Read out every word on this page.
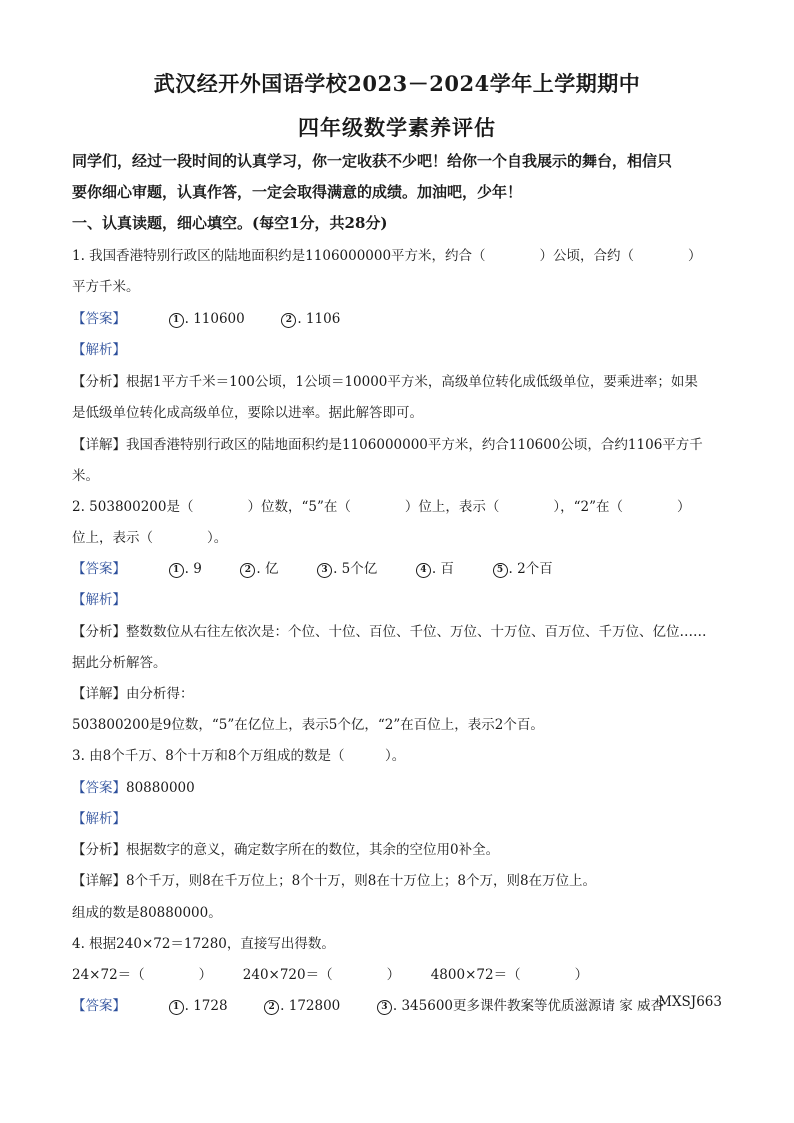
武汉经开外国语学校2023－2024学年上学期期中
四年级数学素养评估
同学们，经过一段时间的认真学习，你一定收获不少吧！给你一个自我展示的舞台，相信只
要你细心审题，认真作答，一定会取得满意的成绩。加油吧，少年！
一、认真读题，细心填空。(每空1分，共28分)
1. 我国香港特别行政区的陆地面积约是1106000000平方米，约合（　　　　）公顷，合约（　　　　）
平方千米。
【答案】	1 . 110600	2 . 1106
【解析】
【分析】根据1平方千米＝100公顷，1公顷＝10000平方米，高级单位转化成低级单位，要乘进率；如果
是低级单位转化成高级单位，要除以进率。据此解答即可。
【详解】我国香港特别行政区的陆地面积约是1106000000平方米，约合110600公顷，合约1106平方千
米。
2. 503800200是（　　　　）位数，“5”在（　　　　）位上，表示（　　　　），“2”在（　　　　）
位上，表示（　　　　）。
【答案】	1 . 9	2 . 亿	3 . 5个亿	4 . 百	5 . 2个百
【解析】
【分析】整数数位从右往左依次是：个位、十位、百位、千位、万位、十万位、百万位、千万位、亿位……
据此分析解答。
【详解】由分析得：
503800200是9位数，“5”在亿位上，表示5个亿，“2”在百位上，表示2个百。
3. 由8个千万、8个十万和8个万组成的数是（　　　）。
【答案】80880000
【解析】
【分析】根据数字的意义，确定数字所在的数位，其余的空位用0补全。
【详解】8个千万，则8在千万位上；8个十万，则8在十万位上；8个万，则8在万位上。
组成的数是80880000。
4. 根据240×72＝17280，直接写出得数。
24×72＝（　　　　） 240×720＝（　　　　） 4800×72＝（　　　　）
【答案】	1 . 1728	2 . 172800	3 . 345600更多课件教案等优质滋源请 家 威杏
MXSJ663
